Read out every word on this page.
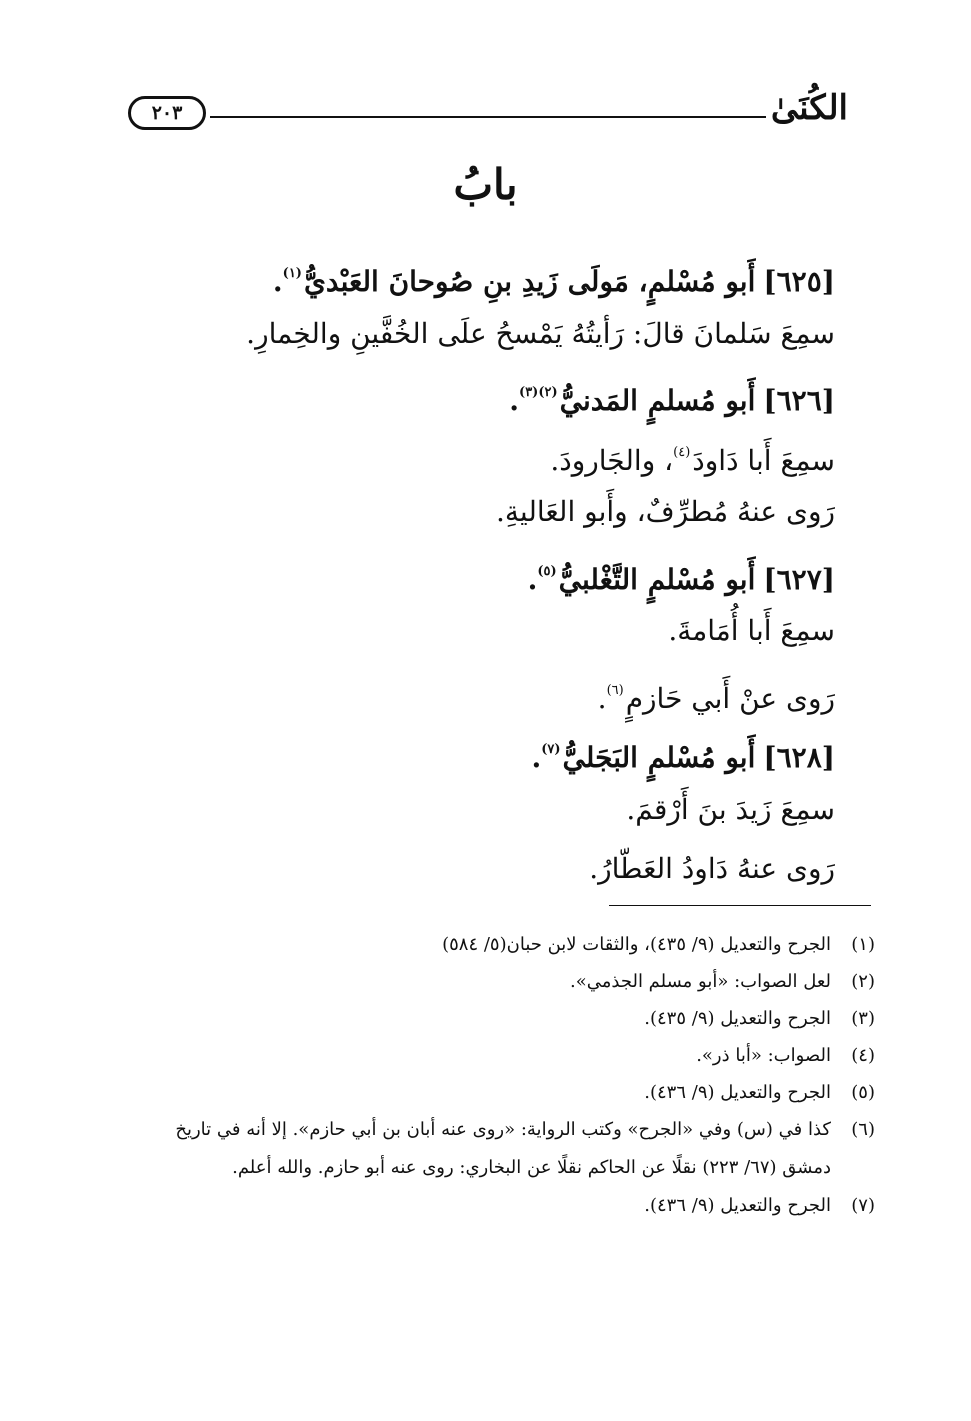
٢٠٣	الكُنَىٰ
بابُ
[٦٢٥]أَبو مُسْلمٍ، مَولَى زَيدِ بنِ صُوحانَ العَبْديُّ$^{(١)}$.
سمِعَ سَلمانَ قالَ: رَأيتُهُ يَمْسحُ علَى الخُفَّينِ والخِمارِ.
[٦٢٦]أَبو مُسلمٍ المَدنيُّ$^{(٢)(٣)}$.
سمِعَ أَبا دَاودَ$^{(٤)}$، والجَارودَ.
رَوى عنهُ مُطرِّفٌ، وأَبو العَاليةِ.
[٦٢٧]أَبو مُسْلمٍ التَّغْلبيُّ$^{(٥)}$.
سمِعَ أَبا أُمَامةَ.
رَوى عنْ أَبي حَازمٍ$^{(٦)}$.
[٦٢٨]أَبو مُسْلمٍ البَجَليُّ$^{(٧)}$.
سمِعَ زَيدَ بنَ أَرْقمَ.
رَوى عنهُ دَاودُ العَطّارُ.
(١)
الجرح والتعديل (٩/ ٤٣٥)، والثقات لابن حبان(٥/ ٥٨٤)
(٢)
لعل الصواب: «أبو مسلم الجذمي».
(٣)
الجرح والتعديل (٩/ ٤٣٥).
(٤)
الصواب: «أبا ذر».
(٥)
الجرح والتعديل (٩/ ٤٣٦).
(٦)
كذا في (س) وفي «الجرح» وكتب الرواية: «روى عنه أبان بن أبي حازم». إلا أنه في تاريخ دمشق (٦٧/ ٢٢٣) نقلًا عن الحاكم نقلًا عن البخاري: روى عنه أبو حازم. والله أعلم.
(٧)
الجرح والتعديل (٩/ ٤٣٦).
